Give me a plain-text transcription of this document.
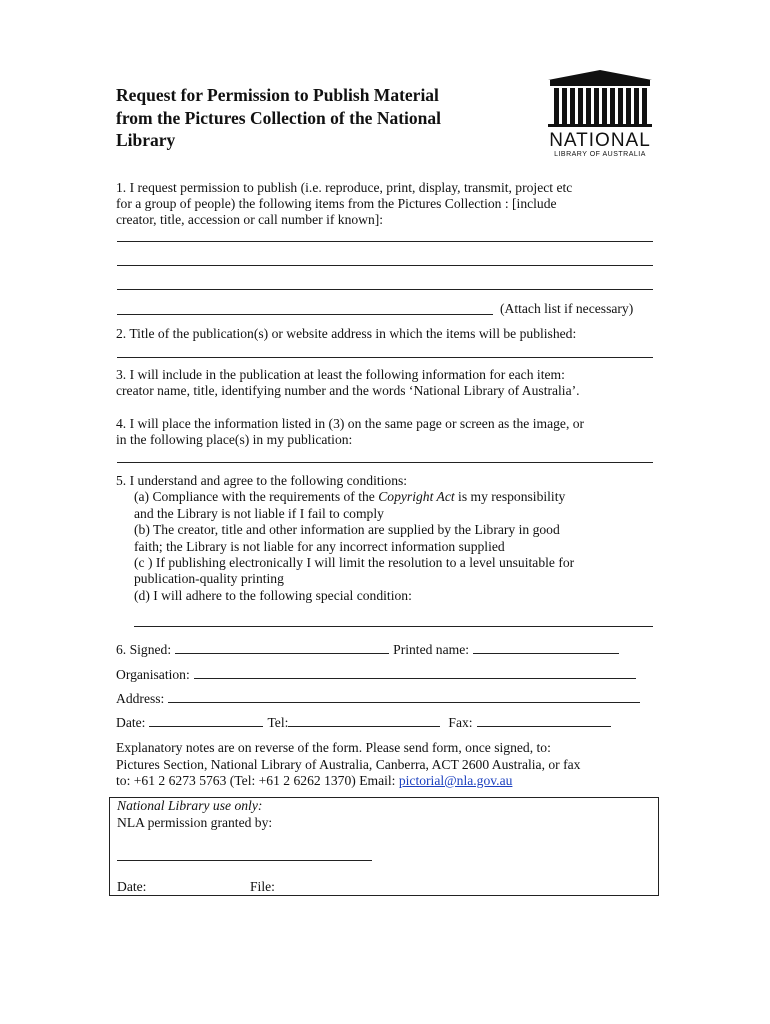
Request for Permission to Publish Material
from the Pictures Collection of the National
Library	NATIONAL
LIBRARY OF AUSTRALIA
1. I request permission to publish (i.e. reproduce, print, display, transmit, project etc
for a group of people) the following items from the Pictures Collection : [include
creator, title, accession or call number if known]:
(Attach list if necessary)
2. Title of the publication(s) or website address in which the items will be published:
3. I will include in the publication at least the following information for each item:
creator name, title, identifying number and the words ‘National Library of Australia’.
4. I will place the information listed in (3) on the same page or screen as the image, or
in the following place(s) in my publication:
5. I understand and agree to the following conditions:
(a) Compliance with the requirements of the Copyright Act is my responsibility
and the Library is not liable if I fail to comply
(b) The creator, title and other information are supplied by the Library in good
faith; the Library is not liable for any incorrect information supplied
(c ) If publishing electronically I will limit the resolution to a level unsuitable for
publication-quality printing
(d) I will adhere to the following special condition:
6. Signed:	Printed name:
Organisation:
Address:
Date:	Tel:	Fax:
Explanatory notes are on reverse of the form. Please send form, once signed, to:
Pictures Section, National Library of Australia, Canberra, ACT 2600 Australia, or fax
to: +61 2 6273 5763 (Tel: +61 2 6262 1370) Email: pictorial@nla.gov.au
National Library use only:
NLA permission granted by:
Date:	File:
